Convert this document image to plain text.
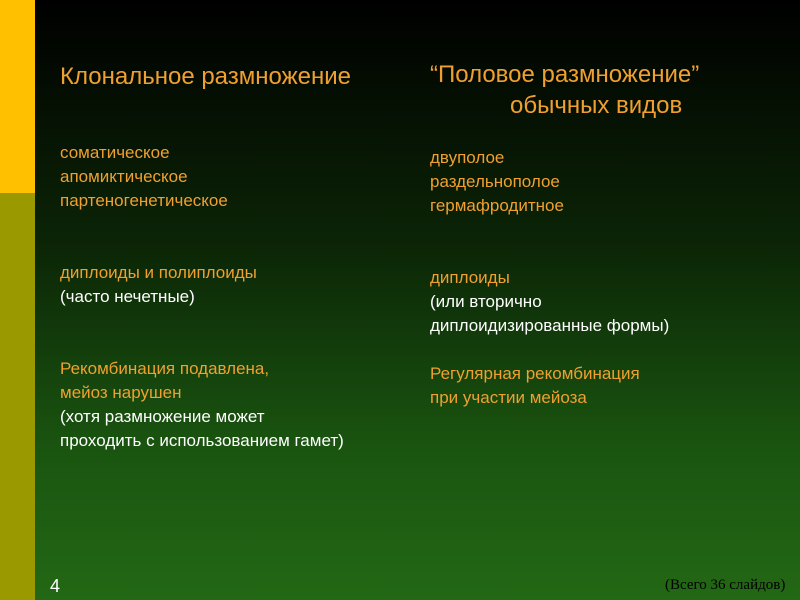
Клональное размножение
соматическое
апомиктическое
партеногенетическое
диплоиды и полиплоиды
(часто нечетные)
Рекомбинация подавлена,
мейоз нарушен
(хотя размножение может
проходить с использованием гамет)
“Половое размножение”
обычных видов
двуполое
раздельнополое
гермафродитное
диплоиды
(или вторично
диплоидизированные формы)
Регулярная рекомбинация
при участии мейоза
4	(Всего 36 слайдов)
